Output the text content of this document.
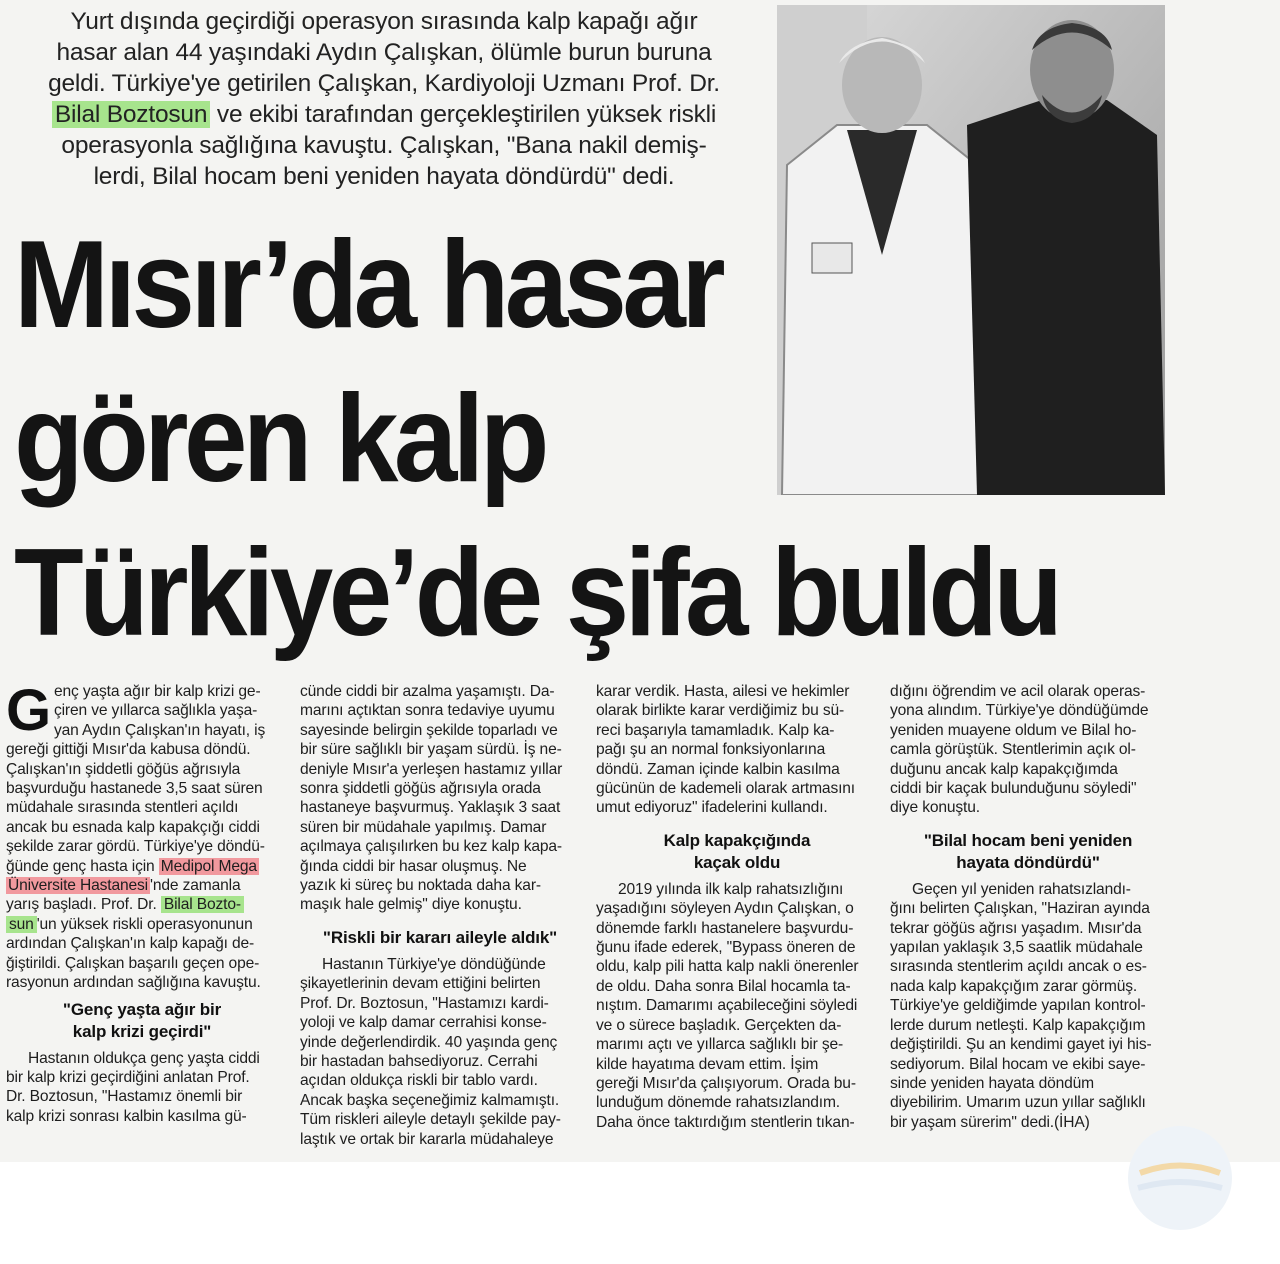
Yurt dışında geçirdiği operasyon sırasında kalp kapağı ağır
hasar alan 44 yaşındaki Aydın Çalışkan, ölümle burun buruna
geldi. Türkiye'ye getirilen Çalışkan, Kardiyoloji Uzmanı Prof. Dr.
Bilal Boztosun ve ekibi tarafından gerçekleştirilen yüksek riskli
operasyonla sağlığına kavuştu. Çalışkan, "Bana nakil demiş-
lerdi, Bilal hocam beni yeniden hayata döndürdü" dedi.
Mısır’da hasar
gören kalp
Türkiye’de şifa buldu
G enç yaşta ağır bir kalp krizi ge-
çiren ve yıllarca sağlıkla yaşa-
yan Aydın Çalışkan'ın hayatı, iş
gereği gittiği Mısır'da kabusa döndü.
Çalışkan'ın şiddetli göğüs ağrısıyla
başvurduğu hastanede 3,5 saat süren
müdahale sırasında stentleri açıldı
ancak bu esnada kalp kapakçığı ciddi
şekilde zarar gördü. Türkiye'ye döndü-
ğünde genç hasta için Medipol Mega
Üniversite Hastanesi 'nde zamanla
yarış başladı. Prof. Dr. Bilal Bozto-
sun 'un yüksek riskli operasyonunun
ardından Çalışkan'ın kalp kapağı de-
ğiştirildi. Çalışkan başarılı geçen ope-
rasyonun ardından sağlığına kavuştu.
"Genç yaşta ağır bir
kalp krizi geçirdi"
Hastanın oldukça genç yaşta ciddi
bir kalp krizi geçirdiğini anlatan Prof.
Dr. Boztosun, "Hastamız önemli bir
kalp krizi sonrası kalbin kasılma gü-
cünde ciddi bir azalma yaşamıştı. Da-
marını açtıktan sonra tedaviye uyumu
sayesinde belirgin şekilde toparladı ve
bir süre sağlıklı bir yaşam sürdü. İş ne-
deniyle Mısır'a yerleşen hastamız yıllar
sonra şiddetli göğüs ağrısıyla orada
hastaneye başvurmuş. Yaklaşık 3 saat
süren bir müdahale yapılmış. Damar
açılmaya çalışılırken bu kez kalp kapa-
ğında ciddi bir hasar oluşmuş. Ne
yazık ki süreç bu noktada daha kar-
maşık hale gelmiş" diye konuştu.
"Riskli bir kararı aileyle aldık"
Hastanın Türkiye'ye döndüğünde
şikayetlerinin devam ettiğini belirten
Prof. Dr. Boztosun, "Hastamızı kardi-
yoloji ve kalp damar cerrahisi konse-
yinde değerlendirdik. 40 yaşında genç
bir hastadan bahsediyoruz. Cerrahi
açıdan oldukça riskli bir tablo vardı.
Ancak başka seçeneğimiz kalmamıştı.
Tüm riskleri aileyle detaylı şekilde pay-
laştık ve ortak bir kararla müdahaleye
karar verdik. Hasta, ailesi ve hekimler
olarak birlikte karar verdiğimiz bu sü-
reci başarıyla tamamladık. Kalp ka-
pağı şu an normal fonksiyonlarına
döndü. Zaman içinde kalbin kasılma
gücünün de kademeli olarak artmasını
umut ediyoruz" ifadelerini kullandı.
Kalp kapakçığında
kaçak oldu
2019 yılında ilk kalp rahatsızlığını
yaşadığını söyleyen Aydın Çalışkan, o
dönemde farklı hastanelere başvurdu-
ğunu ifade ederek, "Bypass öneren de
oldu, kalp pili hatta kalp nakli önerenler
de oldu. Daha sonra Bilal hocamla ta-
nıştım. Damarımı açabileceğini söyledi
ve o sürece başladık. Gerçekten da-
marımı açtı ve yıllarca sağlıklı bir şe-
kilde hayatıma devam ettim. İşim
gereği Mısır'da çalışıyorum. Orada bu-
lunduğum dönemde rahatsızlandım.
Daha önce taktırdığım stentlerin tıkan-
dığını öğrendim ve acil olarak operas-
yona alındım. Türkiye'ye döndüğümde
yeniden muayene oldum ve Bilal ho-
camla görüştük. Stentlerimin açık ol-
duğunu ancak kalp kapakçığımda
ciddi bir kaçak bulunduğunu söyledi"
diye konuştu.
"Bilal hocam beni yeniden
hayata döndürdü"
Geçen yıl yeniden rahatsızlandı-
ğını belirten Çalışkan, "Haziran ayında
tekrar göğüs ağrısı yaşadım. Mısır'da
yapılan yaklaşık 3,5 saatlik müdahale
sırasında stentlerim açıldı ancak o es-
nada kalp kapakçığım zarar görmüş.
Türkiye'ye geldiğimde yapılan kontrol-
lerde durum netleşti. Kalp kapakçığım
değiştirildi. Şu an kendimi gayet iyi his-
sediyorum. Bilal hocam ve ekibi saye-
sinde yeniden hayata döndüm
diyebilirim. Umarım uzun yıllar sağlıklı
bir yaşam sürerim" dedi.(İHA)
